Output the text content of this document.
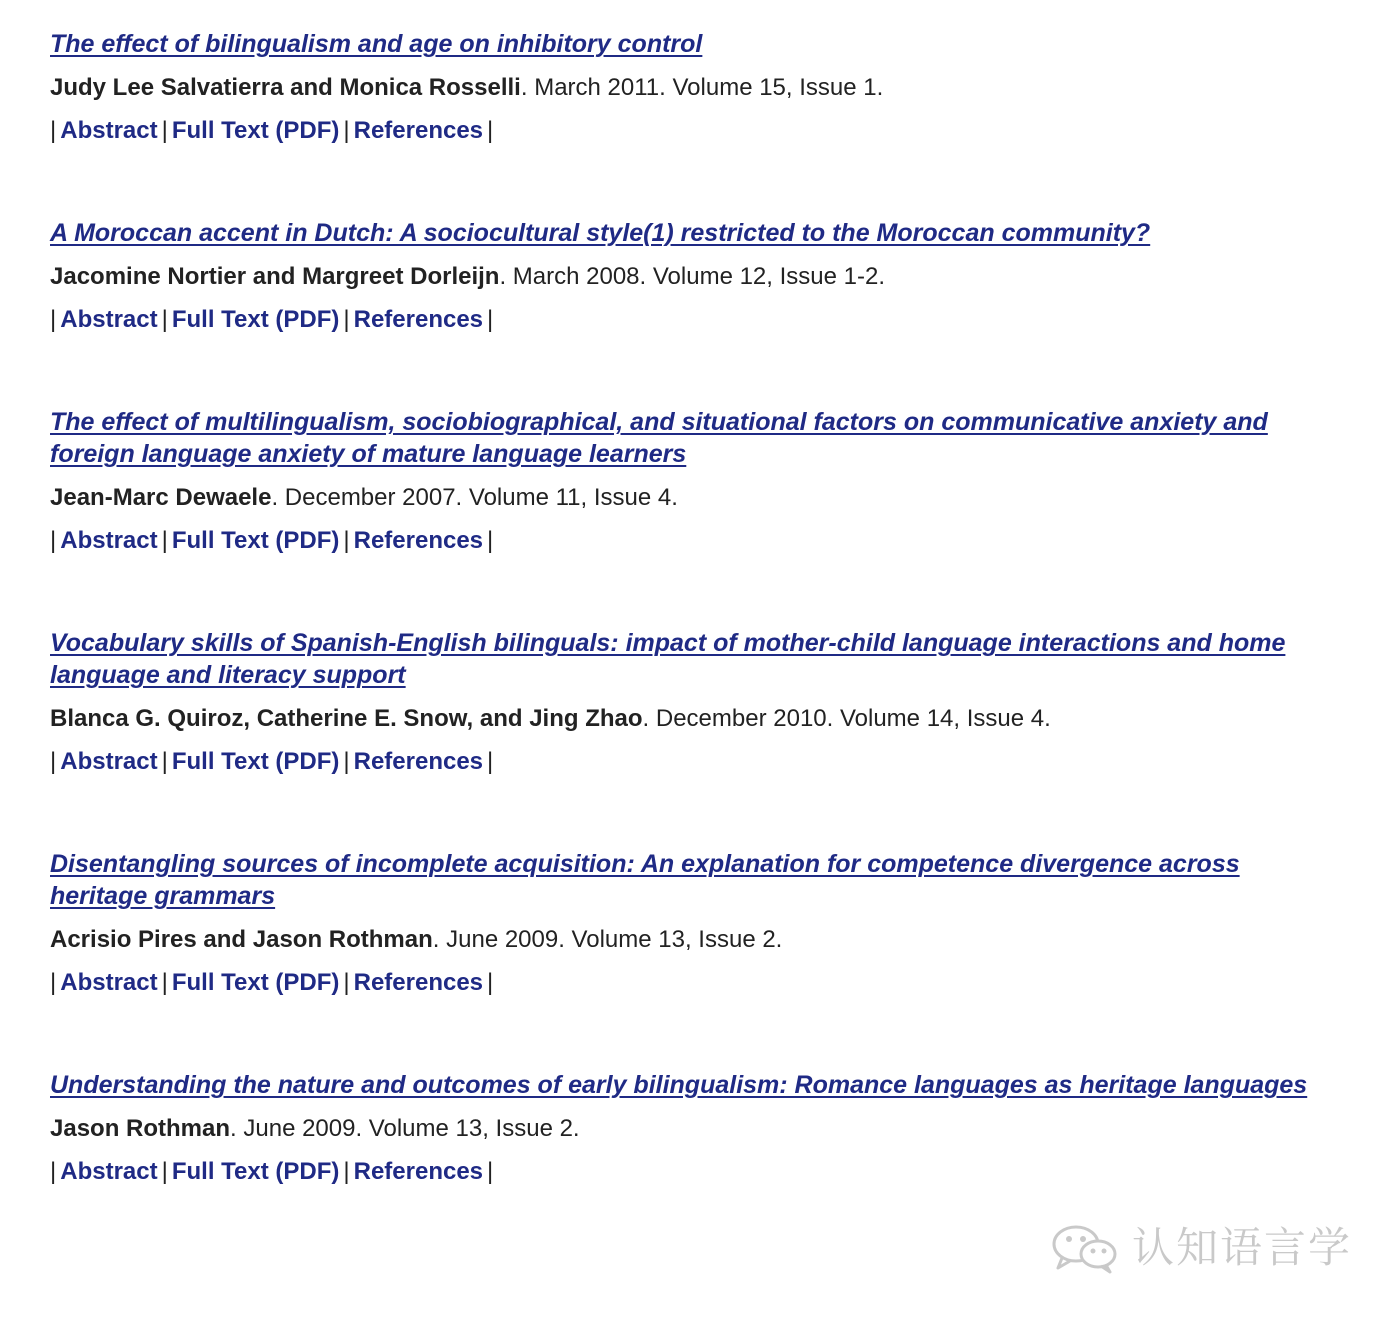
The effect of bilingualism and age on inhibitory control
Judy Lee Salvatierra and Monica Rosselli. March 2011. Volume 15, Issue 1.
| Abstract | Full Text (PDF) | References |
A Moroccan accent in Dutch: A sociocultural style(1) restricted to the Moroccan community?
Jacomine Nortier and Margreet Dorleijn. March 2008. Volume 12, Issue 1-2.
| Abstract | Full Text (PDF) | References |
The effect of multilingualism, sociobiographical, and situational factors on communicative anxiety and foreign language anxiety of mature language learners
Jean-Marc Dewaele. December 2007. Volume 11, Issue 4.
| Abstract | Full Text (PDF) | References |
Vocabulary skills of Spanish-English bilinguals: impact of mother-child language interactions and home language and literacy support
Blanca G. Quiroz, Catherine E. Snow, and Jing Zhao. December 2010. Volume 14, Issue 4.
| Abstract | Full Text (PDF) | References |
Disentangling sources of incomplete acquisition: An explanation for competence divergence across heritage grammars
Acrisio Pires and Jason Rothman. June 2009. Volume 13, Issue 2.
| Abstract | Full Text (PDF) | References |
Understanding the nature and outcomes of early bilingualism: Romance languages as heritage languages
Jason Rothman. June 2009. Volume 13, Issue 2.
| Abstract | Full Text (PDF) | References |
认知语言学
